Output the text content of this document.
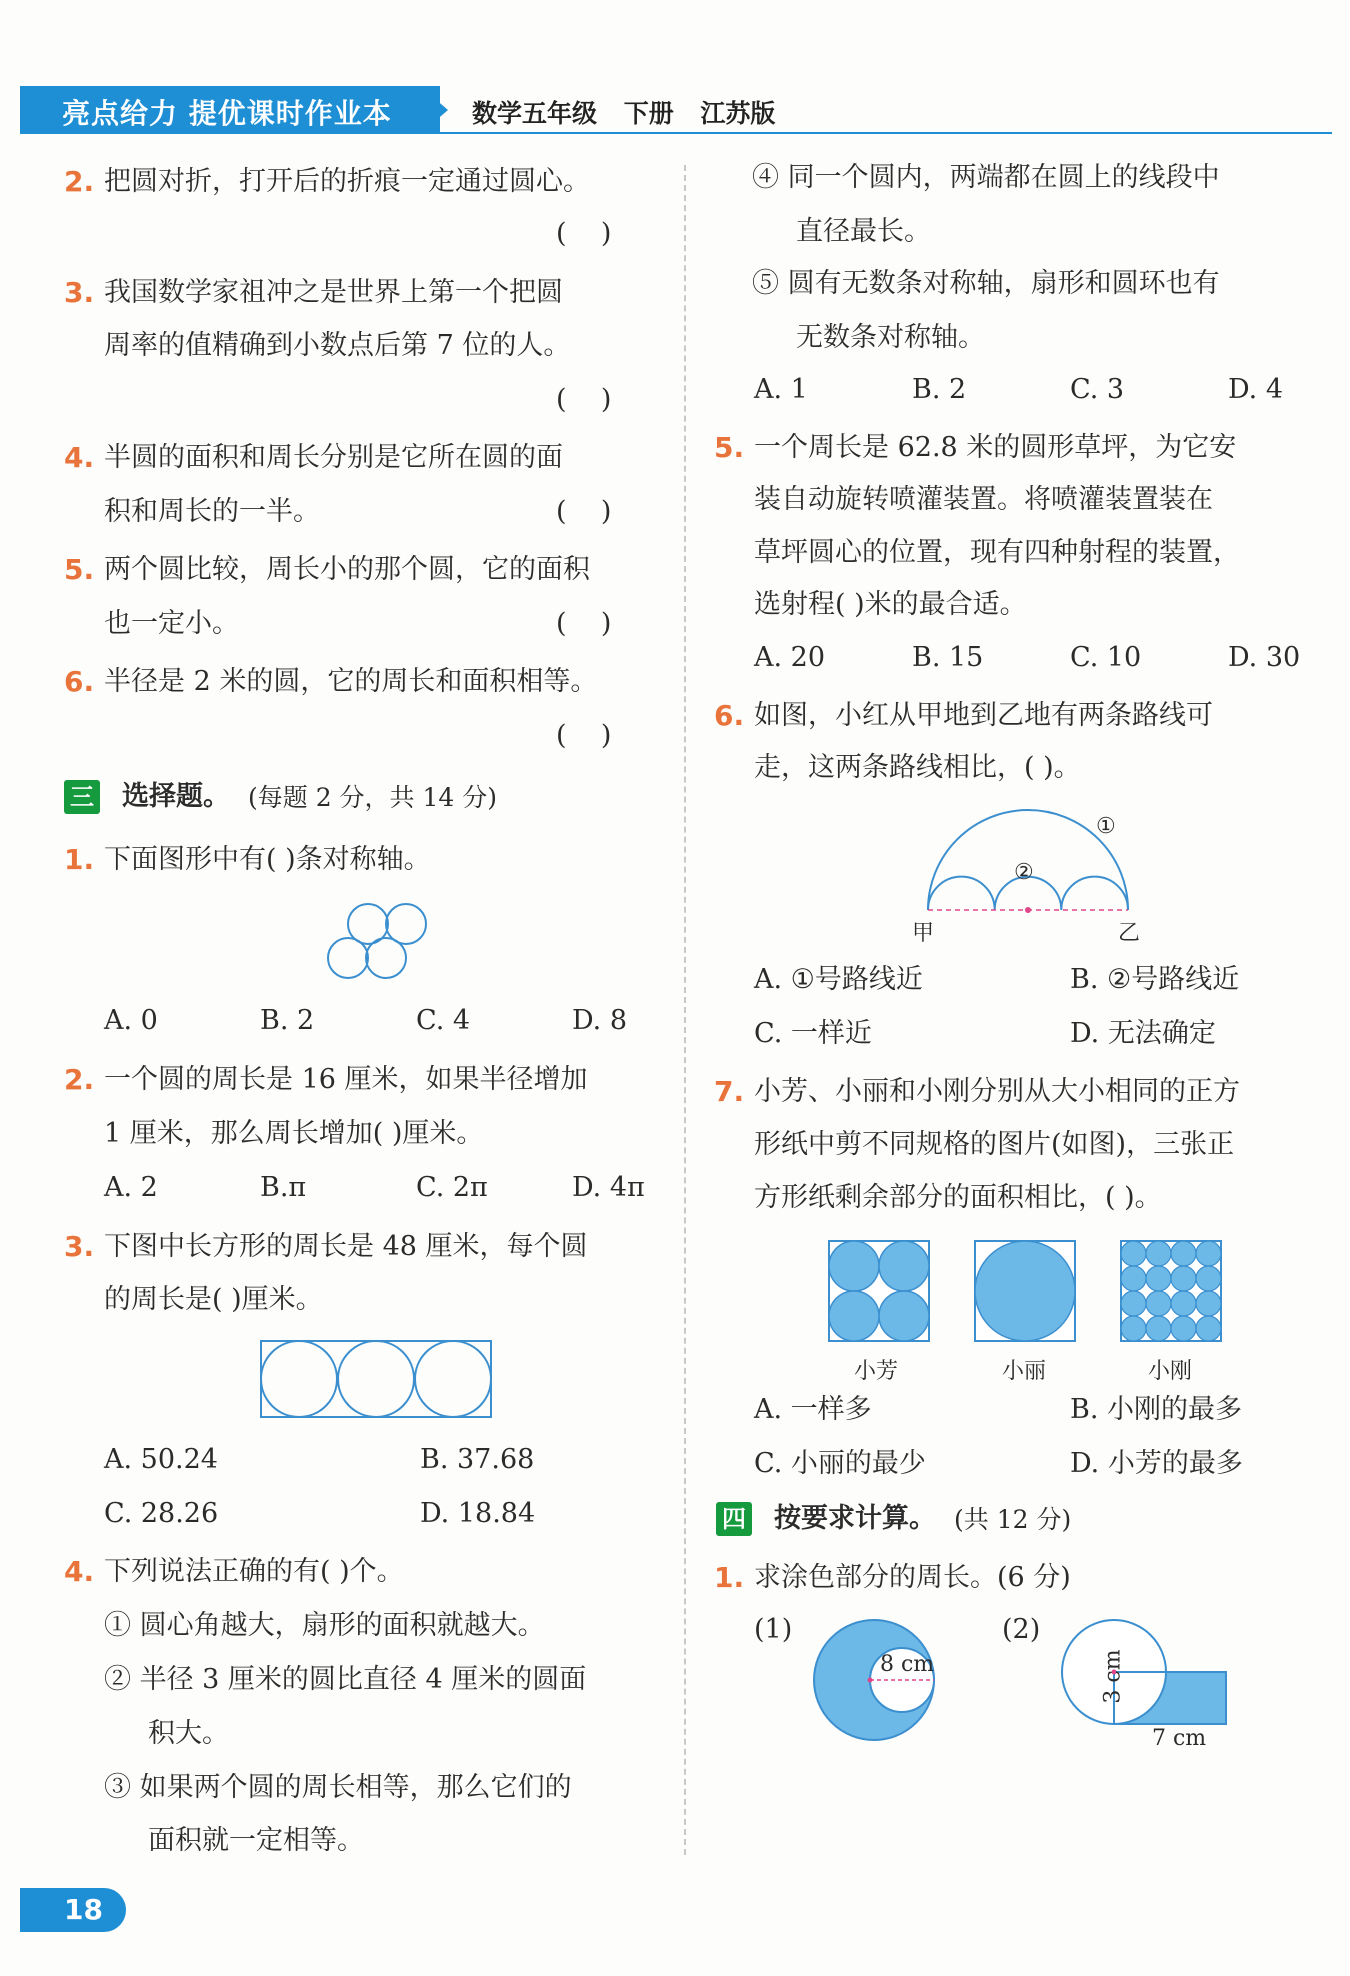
亮点给力 提优课时作业本	数学五年级 下册 江苏版
2. 把圆对折，打开后的折痕一定通过圆心。
(    )
3. 我国数学家祖冲之是世界上第一个把圆
周率的值精确到小数点后第 7 位的人。
(    )
4. 半圆的面积和周长分别是它所在圆的面
积和周长的一半。	(    )
5. 两个圆比较，周长小的那个圆，它的面积
也一定小。	(    )
6. 半径是 2 米的圆，它的周长和面积相等。
(    )
三 选择题。 (每题 2 分，共 14 分)
1. 下面图形中有( )条对称轴。
A. 0	B. 2	C. 4	D. 8
2. 一个圆的周长是 16 厘米，如果半径增加
1 厘米，那么周长增加( )厘米。
A. 2	B.π	C. 2π	D. 4π
3. 下图中长方形的周长是 48 厘米，每个圆
的周长是( )厘米。
A. 50.24	B. 37.68
C. 28.26	D. 18.84
4. 下列说法正确的有( )个。
① 圆心角越大，扇形的面积就越大。
② 半径 3 厘米的圆比直径 4 厘米的圆面
积大。
③ 如果两个圆的周长相等，那么它们的
面积就一定相等。
④ 同一个圆内，两端都在圆上的线段中
直径最长。
⑤ 圆有无数条对称轴，扇形和圆环也有
无数条对称轴。
A. 1	B. 2	C. 3	D. 4
5. 一个周长是 62.8 米的圆形草坪，为它安
装自动旋转喷灌装置。将喷灌装置装在
草坪圆心的位置，现有四种射程的装置，
选射程( )米的最合适。
A. 20	B. 15	C. 10	D. 30
6. 如图，小红从甲地到乙地有两条路线可
走，这两条路线相比，( )。
①
②
甲	乙
A. ①号路线近	B. ②号路线近
C. 一样近	D. 无法确定
7. 小芳、小丽和小刚分别从大小相同的正方
形纸中剪不同规格的图片(如图)，三张正
方形纸剩余部分的面积相比，( )。
小芳	小丽	小刚
A. 一样多	B. 小刚的最多
C. 小丽的最少	D. 小芳的最多
四 按要求计算。 (共 12 分)
1. 求涂色部分的周长。(6 分)
(1)
8 cm
(2)
3 cm
7 cm
18
